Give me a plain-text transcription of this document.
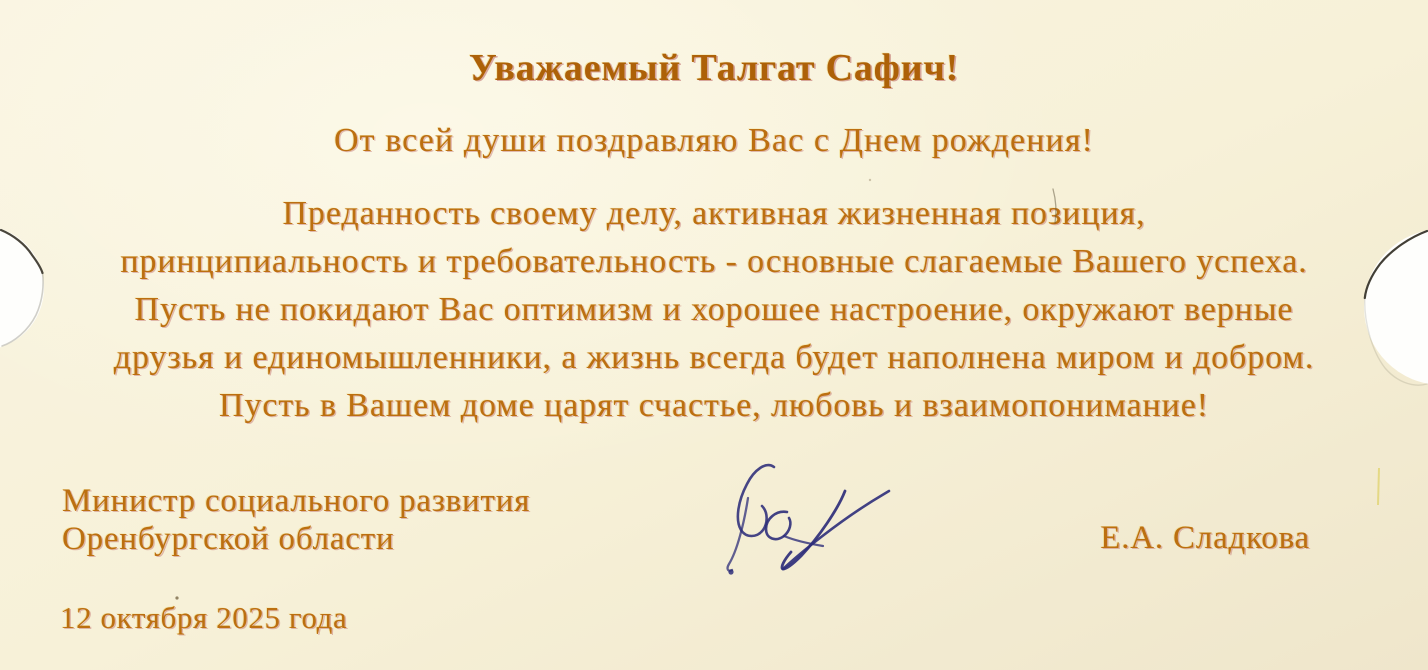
Уважаемый Талгат Сафич!
От всей души поздравляю Вас с Днем рождения!
Преданность своему делу, активная жизненная позиция,
принципиальность и требовательность - основные слагаемые Вашего успеха.
Пусть не покидают Вас оптимизм и хорошее настроение, окружают верные
друзья и единомышленники, а жизнь всегда будет наполнена миром и добром.
Пусть в Вашем доме царят счастье, любовь и взаимопонимание!
Министр социального развития
Оренбургской области	Е.А. Сладкова
12 октября 2025 года
